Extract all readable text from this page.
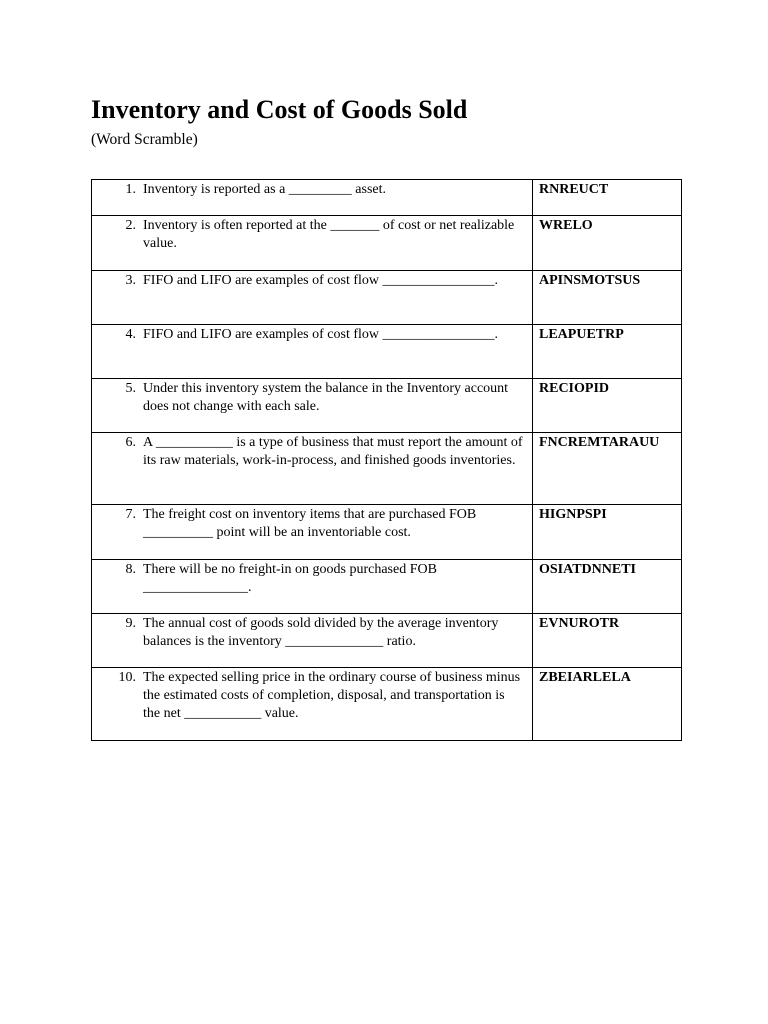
Inventory and Cost of Goods Sold
(Word Scramble)
1. Inventory is reported as a _________ asset.	RNREUCT

2. Inventory is often reported at the _______ of cost or net realizable value.	WRELO

3. FIFO and LIFO are examples of cost flow ________________.	APINSMOTSUS

4. FIFO and LIFO are examples of cost flow ________________.	LEAPUETRP

5. Under this inventory system the balance in the Inventory account does not change with each sale.	RECIOPID

6. A ___________ is a type of business that must report the amount of its raw materials, work-in-process, and finished goods inventories.	FNCREMTARAUU

7. The freight cost on inventory items that are purchased FOB __________ point will be an inventoriable cost.	HIGNPSPI

8. There will be no freight-in on goods purchased FOB _______________.	OSIATDNNETI

9. The annual cost of goods sold divided by the average inventory balances is the inventory ______________ ratio.	EVNUROTR

10. The expected selling price in the ordinary course of business minus the estimated costs of completion, disposal, and transportation is the net ___________ value.	ZBEIARLELA
